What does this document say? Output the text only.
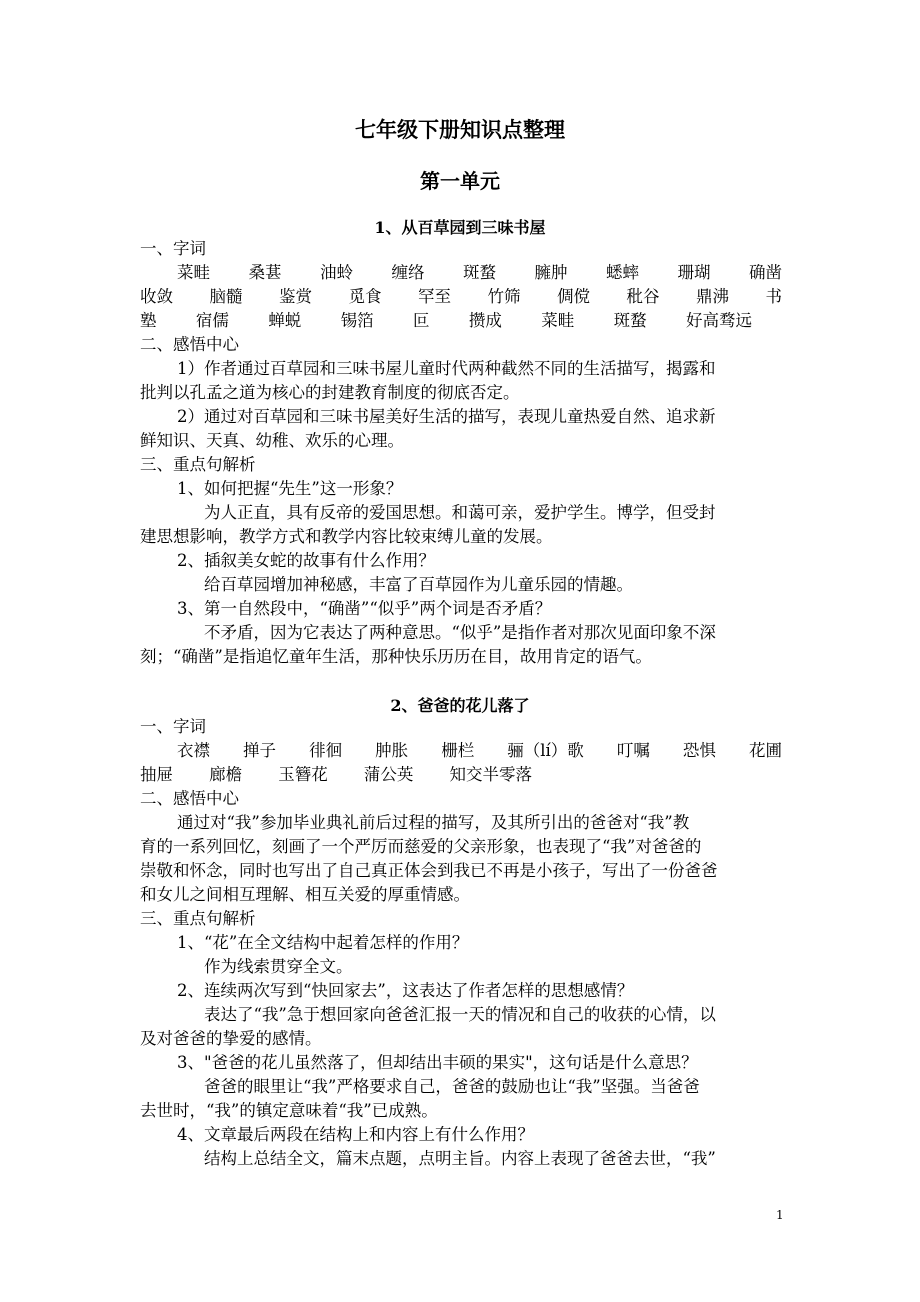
七年级下册知识点整理
第一单元
1、从百草园到三味书屋
一、字词
菜畦 桑葚 油蛉 缠络 斑蝥 臃肿 蟋蟀 珊瑚 确凿
收敛 脑髓 鉴赏 觅食 罕至 竹筛 倜傥 秕谷 鼎沸 书
塾 宿儒 蝉蜕 锡箔 叵 攒成 菜畦 斑蝥 好高骛远
二、感悟中心
1）作者通过百草园和三味书屋儿童时代两种截然不同的生活描写，揭露和
批判以孔孟之道为核心的封建教育制度的彻底否定。
2）通过对百草园和三味书屋美好生活的描写，表现儿童热爱自然、追求新
鲜知识、天真、幼稚、欢乐的心理。
三、重点句解析
1、如何把握“先生”这一形象？
为人正直，具有反帝的爱国思想。和蔼可亲，爱护学生。博学，但受封
建思想影响，教学方式和教学内容比较束缚儿童的发展。
2、插叙美女蛇的故事有什么作用？
给百草园增加神秘感，丰富了百草园作为儿童乐园的情趣。
3、第一自然段中，“确凿”“似乎”两个词是否矛盾？
不矛盾，因为它表达了两种意思。“似乎”是指作者对那次见面印象不深
刻；“确凿”是指追忆童年生活，那种快乐历历在目，故用肯定的语气。
2、爸爸的花儿落了
一、字词
衣襟 掸子 徘徊 肿胀 栅栏 骊（lí）歌 叮嘱 恐惧 花圃
抽屉 廊檐 玉簪花 蒲公英 知交半零落
二、感悟中心
通过对“我”参加毕业典礼前后过程的描写，及其所引出的爸爸对“我”教
育的一系列回忆，刻画了一个严厉而慈爱的父亲形象，也表现了“我”对爸爸的
崇敬和怀念，同时也写出了自己真正体会到我已不再是小孩子，写出了一份爸爸
和女儿之间相互理解、相互关爱的厚重情感。
三、重点句解析
1、“花”在全文结构中起着怎样的作用？
作为线索贯穿全文。
2、连续两次写到“快回家去”，这表达了作者怎样的思想感情？
表达了“我”急于想回家向爸爸汇报一天的情况和自己的收获的心情，以
及对爸爸的挚爱的感情。
3、"爸爸的花儿虽然落了，但却结出丰硕的果实"，这句话是什么意思？
爸爸的眼里让“我”严格要求自己，爸爸的鼓励也让“我”坚强。当爸爸
去世时，“我”的镇定意味着“我”已成熟。
4、文章最后两段在结构上和内容上有什么作用？
结构上总结全文，篇末点题，点明主旨。内容上表现了爸爸去世，“我”
1
